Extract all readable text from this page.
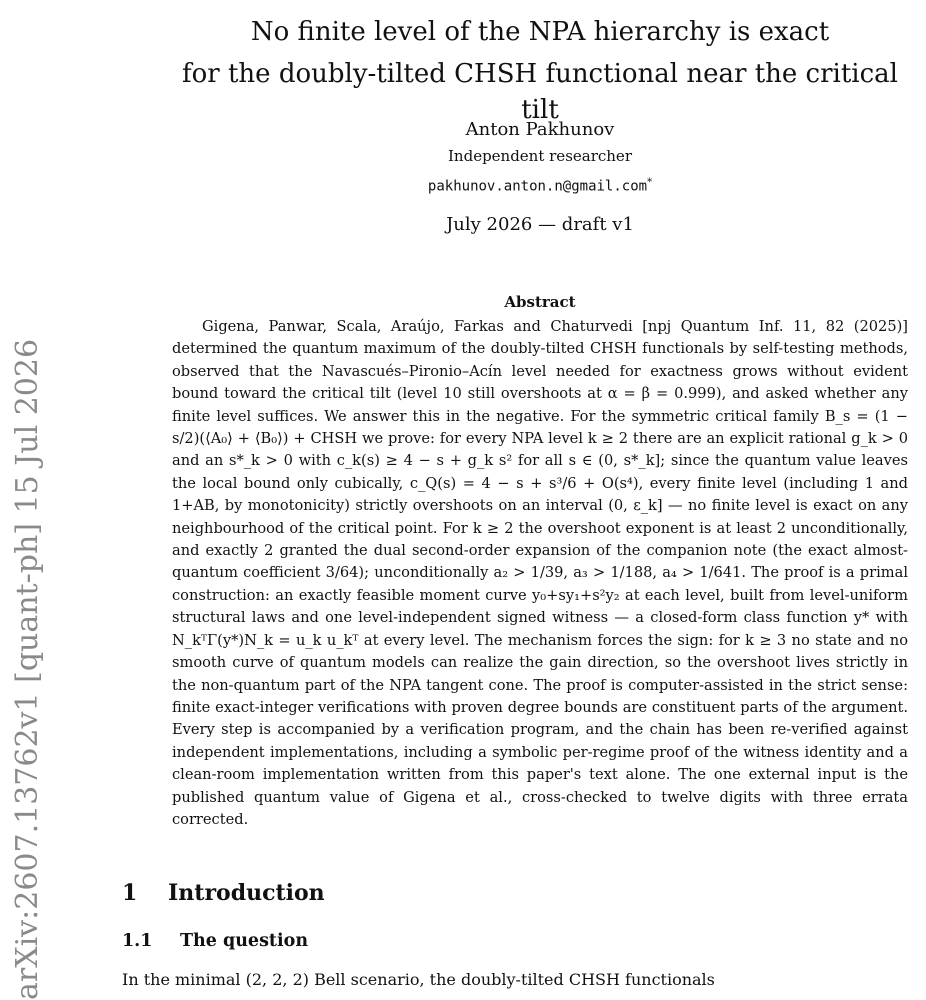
arXiv:2607.13762v1 [quant-ph] 15 Jul 2026
No finite level of the NPA hierarchy is exact
for the doubly-tilted CHSH functional near the critical tilt
Anton Pakhunov
Independent researcher
pakhunov.anton.n@gmail.com*
July 2026 — draft v1
Abstract

Gigena, Panwar, Scala, Araújo, Farkas and Chaturvedi [npj Quantum Inf. 11, 82 (2025)] determined the quantum maximum of the doubly-tilted CHSH functionals by self-testing methods, observed that the Navascués–Pironio–Acín level needed for exactness grows without evident bound toward the critical tilt (level 10 still overshoots at α = β = 0.999), and asked whether any finite level suffices. We answer this in the negative. For the symmetric critical family B_s = (1 − s/2)(⟨A₀⟩ + ⟨B₀⟩) + CHSH we prove: for every NPA level k ≥ 2 there are an explicit rational g_k > 0 and an s*_k > 0 with c_k(s) ≥ 4 − s + g_k s² for all s ∈ (0, s*_k]; since the quantum value leaves the local bound only cubically, c_Q(s) = 4 − s + s³/6 + O(s⁴), every finite level (including 1 and 1+AB, by monotonicity) strictly overshoots on an interval (0, ε_k] — no finite level is exact on any neighbourhood of the critical point. For k ≥ 2 the overshoot exponent is at least 2 unconditionally, and exactly 2 granted the dual second-order expansion of the companion note (the exact almost-quantum coefficient 3/64); unconditionally a₂ > 1/39, a₃ > 1/188, a₄ > 1/641. The proof is a primal construction: an exactly feasible moment curve y₀+sy₁+s²y₂ at each level, built from level-uniform structural laws and one level-independent signed witness — a closed-form class function y* with N_kᵀΓ(y*)N_k = u_k u_kᵀ at every level. The mechanism forces the sign: for k ≥ 3 no state and no smooth curve of quantum models can realize the gain direction, so the overshoot lives strictly in the non-quantum part of the NPA tangent cone. The proof is computer-assisted in the strict sense: finite exact-integer verifications with proven degree bounds are constituent parts of the argument. Every step is accompanied by a verification program, and the chain has been re-verified against independent implementations, including a symbolic per-regime proof of the witness identity and a clean-room implementation written from this paper's text alone. The one external input is the published quantum value of Gigena et al., cross-checked to twelve digits with three errata corrected.

1 Introduction
1.1 The question
In the minimal (2, 2, 2) Bell scenario, the doubly-tilted CHSH functionals
